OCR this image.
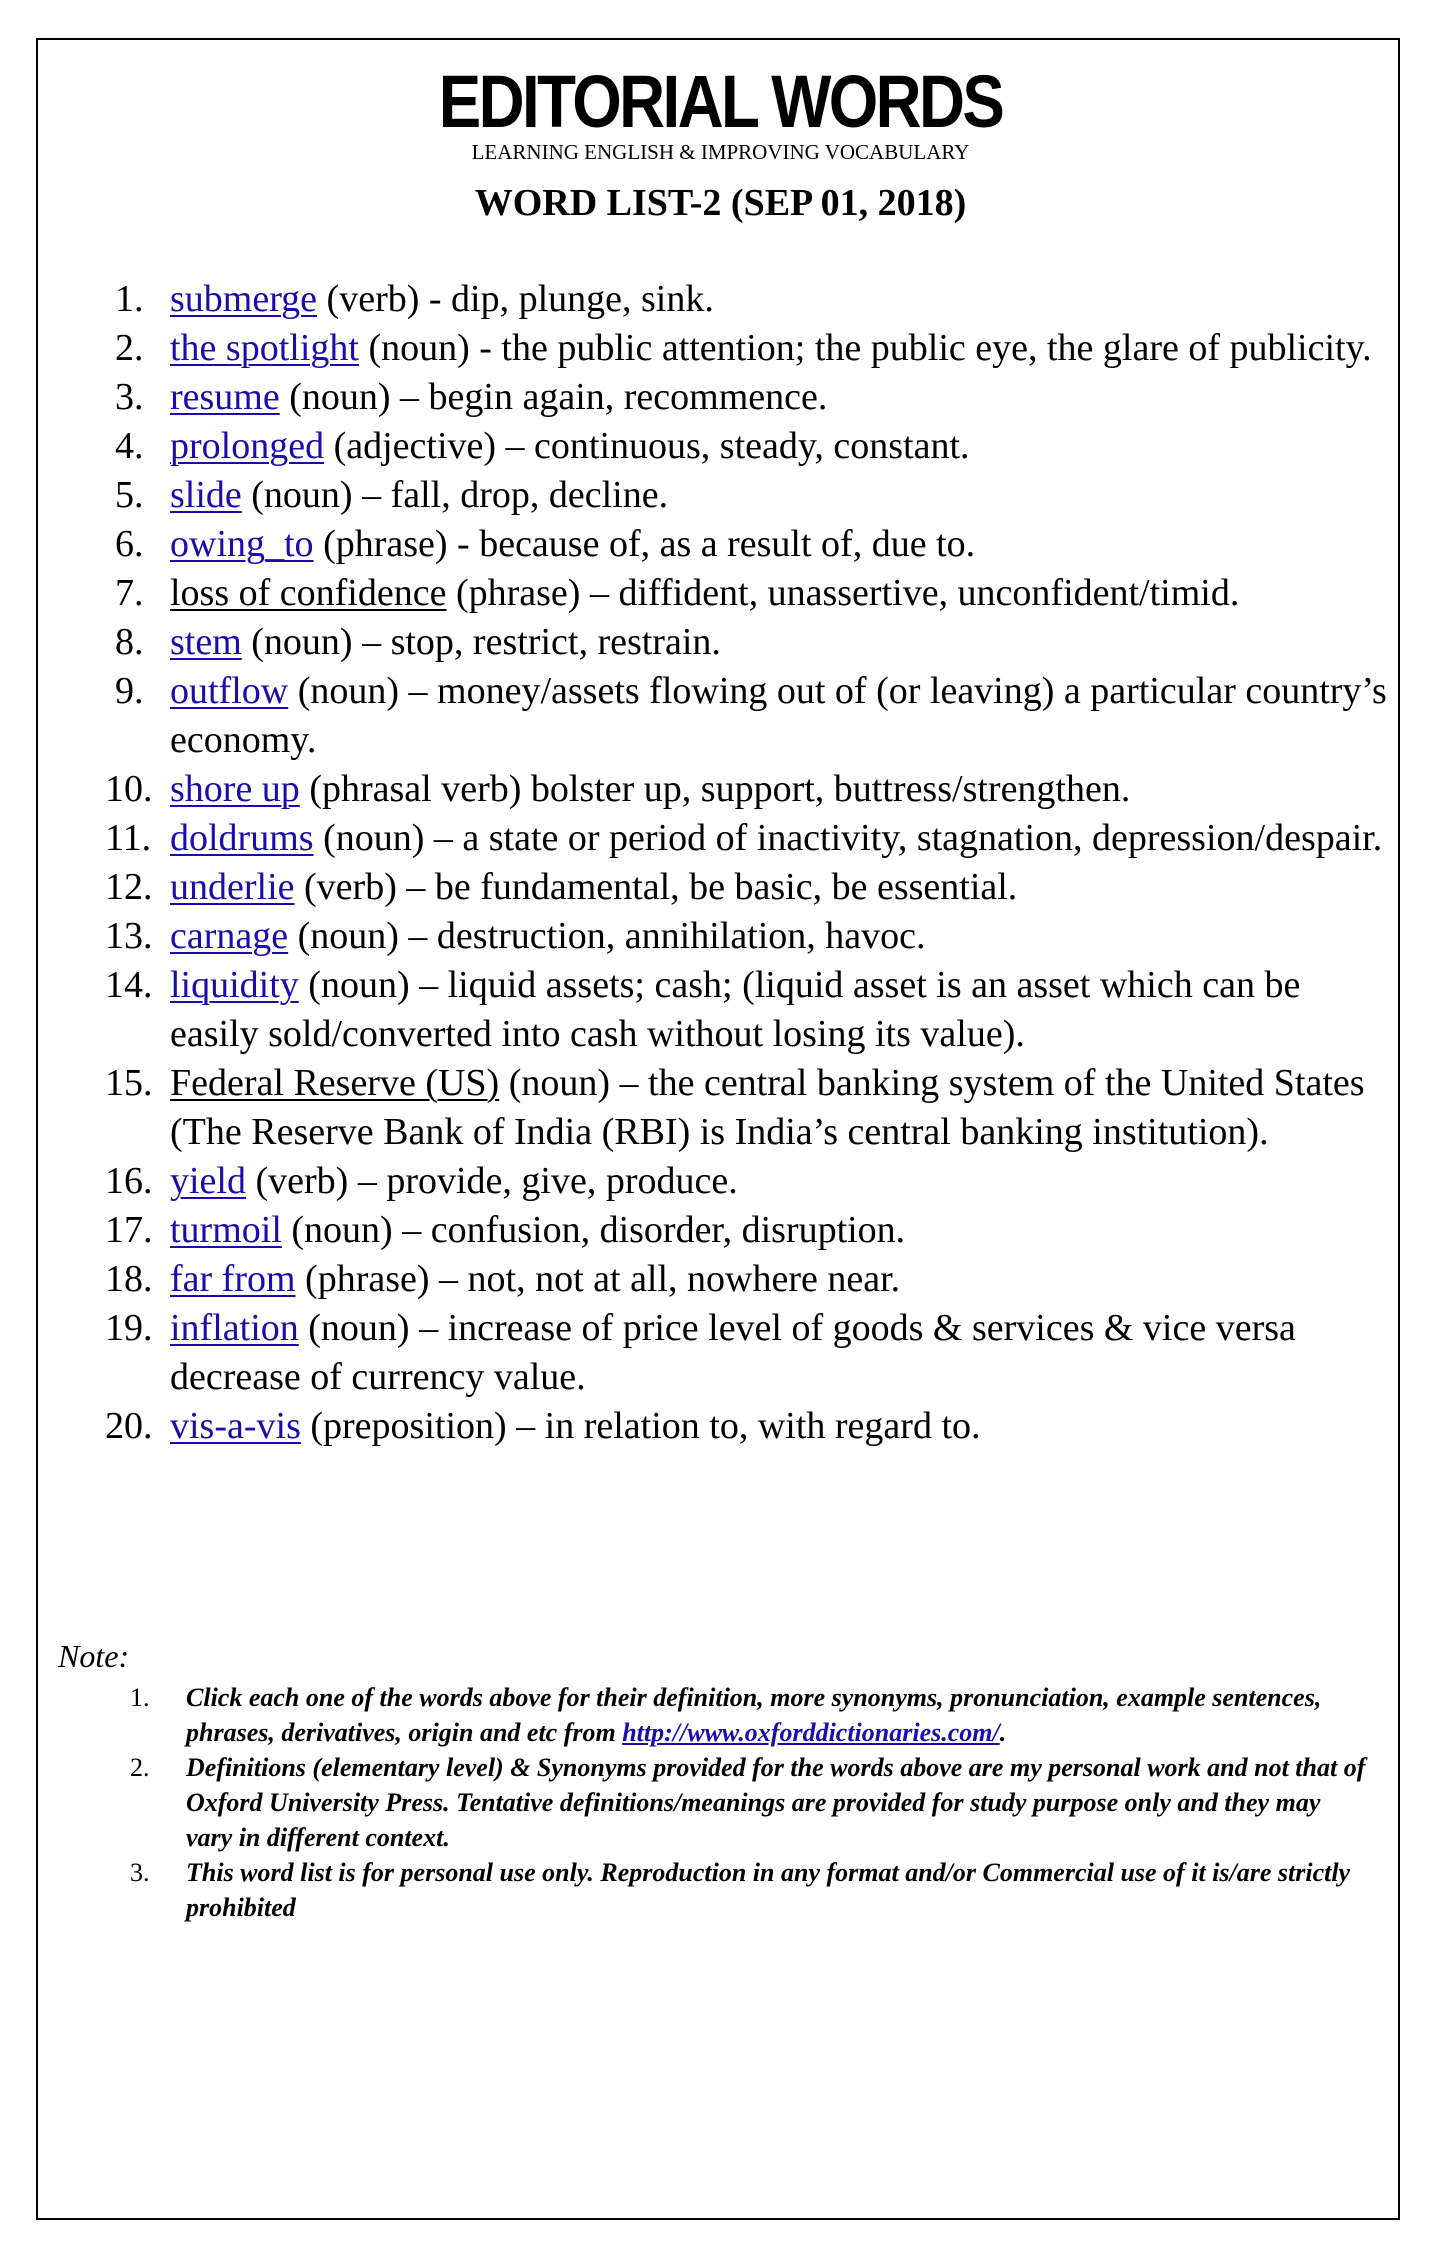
EDITORIAL WORDS
LEARNING ENGLISH & IMPROVING VOCABULARY
WORD LIST-2 (SEP 01, 2018)
1. submerge (verb) - dip, plunge, sink.
2. the spotlight (noun) - the public attention; the public eye, the glare of publicity.
3. resume (noun) – begin again, recommence.
4. prolonged (adjective) – continuous, steady, constant.
5. slide (noun) – fall, drop, decline.
6. owing_to (phrase) - because of, as a result of, due to.
7. loss of confidence (phrase) – diffident, unassertive, unconfident/timid.
8. stem (noun) – stop, restrict, restrain.
9. outflow (noun) – money/assets flowing out of (or leaving) a particular country’s economy.
10. shore up (phrasal verb) bolster up, support, buttress/strengthen.
11. doldrums (noun) – a state or period of inactivity, stagnation, depression/despair.
12. underlie (verb) – be fundamental, be basic, be essential.
13. carnage (noun) – destruction, annihilation, havoc.
14. liquidity (noun) – liquid assets; cash; (liquid asset is an asset which can be easily sold/converted into cash without losing its value).
15. Federal Reserve (US) (noun) – the central banking system of the United States (The Reserve Bank of India (RBI) is India’s central banking institution).
16. yield (verb) – provide, give, produce.
17. turmoil (noun) – confusion, disorder, disruption.
18. far from (phrase) – not, not at all, nowhere near.
19. inflation (noun) – increase of price level of goods & services & vice versa decrease of currency value.
20. vis-a-vis (preposition) – in relation to, with regard to.
Note:
1. Click each one of the words above for their definition, more synonyms, pronunciation, example sentences, phrases, derivatives, origin and etc from http://www.oxforddictionaries.com/.
2. Definitions (elementary level) & Synonyms provided for the words above are my personal work and not that of Oxford University Press. Tentative definitions/meanings are provided for study purpose only and they may vary in different context.
3. This word list is for personal use only. Reproduction in any format and/or Commercial use of it is/are strictly prohibited
